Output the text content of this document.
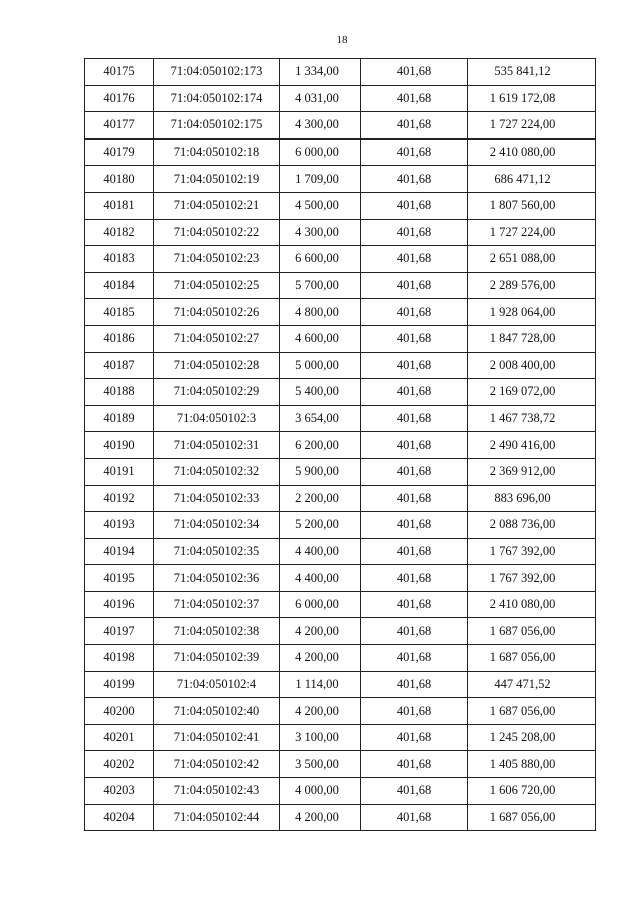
18
40175	71:04:050102:173	1 334,00	401,68	535 841,12
40176	71:04:050102:174	4 031,00	401,68	1 619 172,08
40177	71:04:050102:175	4 300,00	401,68	1 727 224,00
40179	71:04:050102:18	6 000,00	401,68	2 410 080,00
40180	71:04:050102:19	1 709,00	401,68	686 471,12
40181	71:04:050102:21	4 500,00	401,68	1 807 560,00
40182	71:04:050102:22	4 300,00	401,68	1 727 224,00
40183	71:04:050102:23	6 600,00	401,68	2 651 088,00
40184	71:04:050102:25	5 700,00	401,68	2 289 576,00
40185	71:04:050102:26	4 800,00	401,68	1 928 064,00
40186	71:04:050102:27	4 600,00	401,68	1 847 728,00
40187	71:04:050102:28	5 000,00	401,68	2 008 400,00
40188	71:04:050102:29	5 400,00	401,68	2 169 072,00
40189	71:04:050102:3	3 654,00	401,68	1 467 738,72
40190	71:04:050102:31	6 200,00	401,68	2 490 416,00
40191	71:04:050102:32	5 900,00	401,68	2 369 912,00
40192	71:04:050102:33	2 200,00	401,68	883 696,00
40193	71:04:050102:34	5 200,00	401,68	2 088 736,00
40194	71:04:050102:35	4 400,00	401,68	1 767 392,00
40195	71:04:050102:36	4 400,00	401,68	1 767 392,00
40196	71:04:050102:37	6 000,00	401,68	2 410 080,00
40197	71:04:050102:38	4 200,00	401,68	1 687 056,00
40198	71:04:050102:39	4 200,00	401,68	1 687 056,00
40199	71:04:050102:4	1 114,00	401,68	447 471,52
40200	71:04:050102:40	4 200,00	401,68	1 687 056,00
40201	71:04:050102:41	3 100,00	401,68	1 245 208,00
40202	71:04:050102:42	3 500,00	401,68	1 405 880,00
40203	71:04:050102:43	4 000,00	401,68	1 606 720,00
40204	71:04:050102:44	4 200,00	401,68	1 687 056,00
